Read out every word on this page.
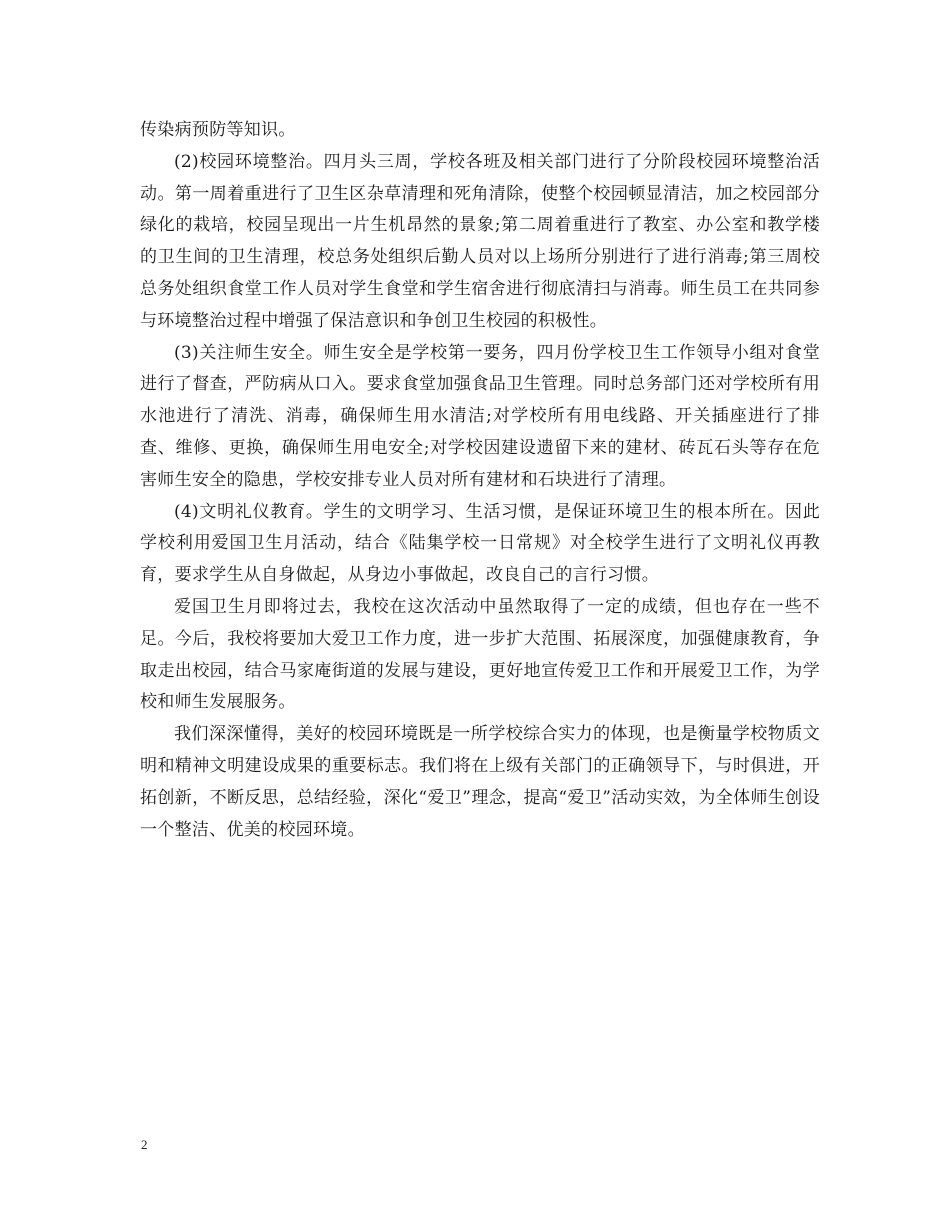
传染病预防等知识。

(2)校园环境整治。四月头三周，学校各班及相关部门进行了分阶段校园环境整治活动。第一周着重进行了卫生区杂草清理和死角清除，使整个校园顿显清洁，加之校园部分绿化的栽培，校园呈现出一片生机昂然的景象;第二周着重进行了教室、办公室和教学楼的卫生间的卫生清理，校总务处组织后勤人员对以上场所分别进行了进行消毒;第三周校总务处组织食堂工作人员对学生食堂和学生宿舍进行彻底清扫与消毒。师生员工在共同参与环境整治过程中增强了保洁意识和争创卫生校园的积极性。

(3)关注师生安全。师生安全是学校第一要务，四月份学校卫生工作领导小组对食堂进行了督查，严防病从口入。要求食堂加强食品卫生管理。同时总务部门还对学校所有用水池进行了清洗、消毒，确保师生用水清洁;对学校所有用电线路、开关插座进行了排查、维修、更换，确保师生用电安全;对学校因建设遗留下来的建材、砖瓦石头等存在危害师生安全的隐患，学校安排专业人员对所有建材和石块进行了清理。

(4)文明礼仪教育。学生的文明学习、生活习惯，是保证环境卫生的根本所在。因此学校利用爱国卫生月活动，结合《陆集学校一日常规》对全校学生进行了文明礼仪再教育，要求学生从自身做起，从身边小事做起，改良自己的言行习惯。

爱国卫生月即将过去，我校在这次活动中虽然取得了一定的成绩，但也存在一些不足。今后，我校将要加大爱卫工作力度，进一步扩大范围、拓展深度，加强健康教育，争取走出校园，结合马家庵街道的发展与建设，更好地宣传爱卫工作和开展爱卫工作，为学校和师生发展服务。

我们深深懂得，美好的校园环境既是一所学校综合实力的体现，也是衡量学校物质文明和精神文明建设成果的重要标志。我们将在上级有关部门的正确领导下，与时俱进，开拓创新，不断反思，总结经验，深化“爱卫”理念，提高“爱卫”活动实效，为全体师生创设一个整洁、优美的校园环境。

2
